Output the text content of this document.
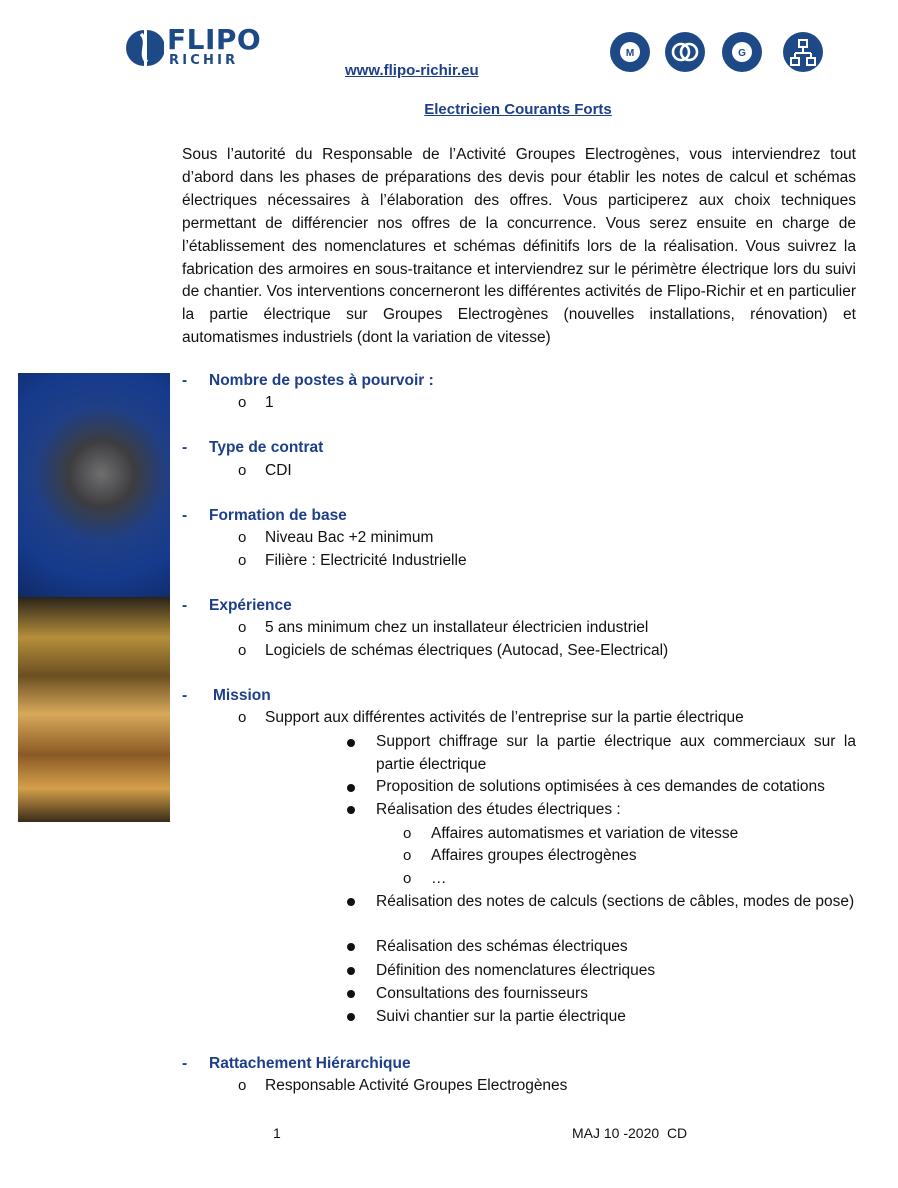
FLIPO
RICHIR
www.flipo-richir.eu
M	G
Electricien Courants Forts
Sous l’autorité du Responsable de l’Activité Groupes Electrogènes, vous interviendrez tout d’abord dans les phases de préparations des devis pour établir les notes de calcul et schémas électriques nécessaires à l’élaboration des offres. Vous participerez aux choix techniques permettant de différencier nos offres de la concurrence. Vous serez ensuite en charge de l’établissement des nomenclatures et schémas définitifs lors de la réalisation. Vous suivrez la fabrication des armoires en sous-traitance et interviendrez sur le périmètre électrique lors du suivi de chantier. Vos interventions concerneront les différentes activités de Flipo-Richir et en particulier la partie électrique sur Groupes Electrogènes (nouvelles installations, rénovation) et automatismes industriels (dont la variation de vitesse)
- Nombre de postes à pourvoir :
o 1
- Type de contrat
o CDI
- Formation de base
o Niveau Bac +2 minimum
o Filière : Electricité Industrielle
- Expérience
o 5 ans minimum chez un installateur électricien industriel
o Logiciels de schémas électriques (Autocad, See-Electrical)
- Mission
o Support aux différentes activités de l’entreprise sur la partie électrique
Support chiffrage sur la partie électrique aux commerciaux sur la partie électrique
Proposition de solutions optimisées à ces demandes de cotations
Réalisation des études électriques :
o Affaires automatismes et variation de vitesse
o Affaires groupes électrogènes
o …
Réalisation des notes de calculs (sections de câbles, modes de pose)
Réalisation des schémas électriques
Définition des nomenclatures électriques
Consultations des fournisseurs
Suivi chantier sur la partie électrique
- Rattachement Hiérarchique
o Responsable Activité Groupes Electrogènes
1	MAJ 10 -2020  CD
